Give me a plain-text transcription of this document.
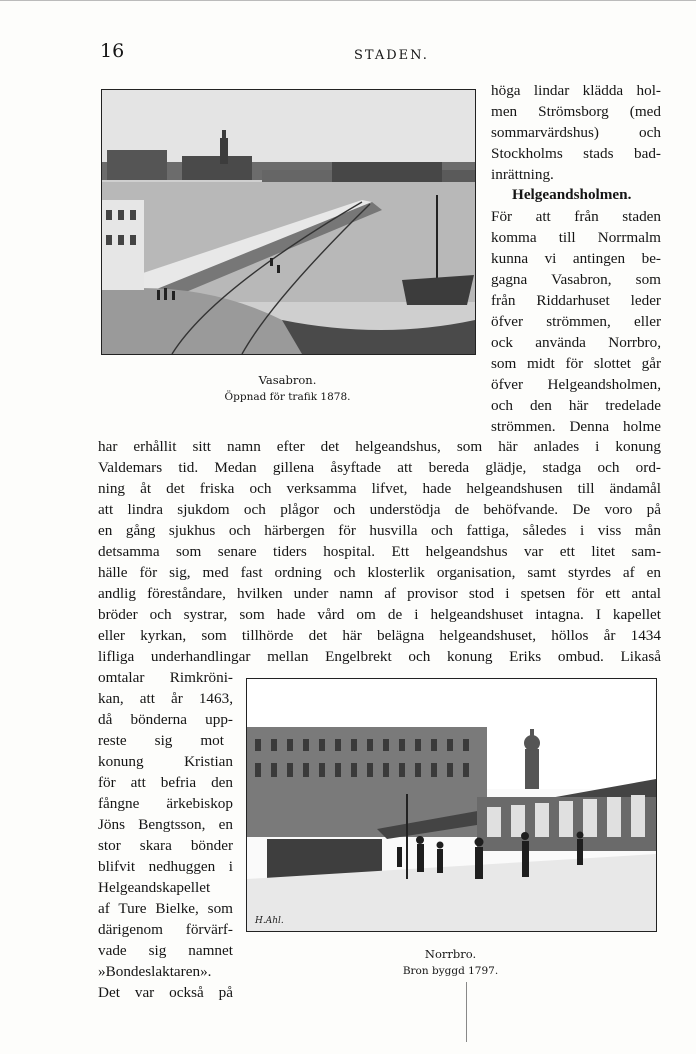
16	STADEN.
Vasabron.
Öppnad för trafik 1878.
höga lindar klädda hol-
men Strömsborg (med
sommarvärdshus) och
Stockholms stads bad-
inrättning.
Helgeandsholmen.
För att från staden
komma till Norrmalm
kunna vi antingen be-
gagna Vasabron, som
från Riddarhuset leder
öfver strömmen, eller
ock använda Norrbro,
som midt för slottet går
öfver Helgeandsholmen,
och den här tredelade
strömmen. Denna holme
har erhållit sitt namn efter det helgeandshus, som här anlades i konung
Valdemars tid. Medan gillena åsyftade att bereda glädje, stadga och ord-
ning åt det friska och verksamma lifvet, hade helgeandshusen till ändamål
att lindra sjukdom och plågor och understödja de behöfvande. De voro på
en gång sjukhus och härbergen för husvilla och fattiga, således i viss mån
detsamma som senare tiders hospital. Ett helgeandshus var ett litet sam-
hälle för sig, med fast ordning och klosterlik organisation, samt styrdes af en
andlig föreståndare, hvilken under namn af provisor stod i spetsen för ett antal
bröder och systrar, som hade vård om de i helgeandshuset intagna. I kapellet
eller kyrkan, som tillhörde det här belägna helgeandshuset, höllos år 1434
lifliga underhandlingar mellan Engelbrekt och konung Eriks ombud. Likaså
omtalar Rimkröni-
kan, att år 1463,
då bönderna upp-
reste sig mot
konung Kristian
för att befria den
fångne ärkebiskop
Jöns Bengtsson, en
stor skara bönder
blifvit nedhuggen i
Helgeandskapellet
af Ture Bielke, som
därigenom förvärf-
vade sig namnet
»Bondeslaktaren».
Det var också på
H.Ahl.
Norrbro.
Bron byggd 1797.
